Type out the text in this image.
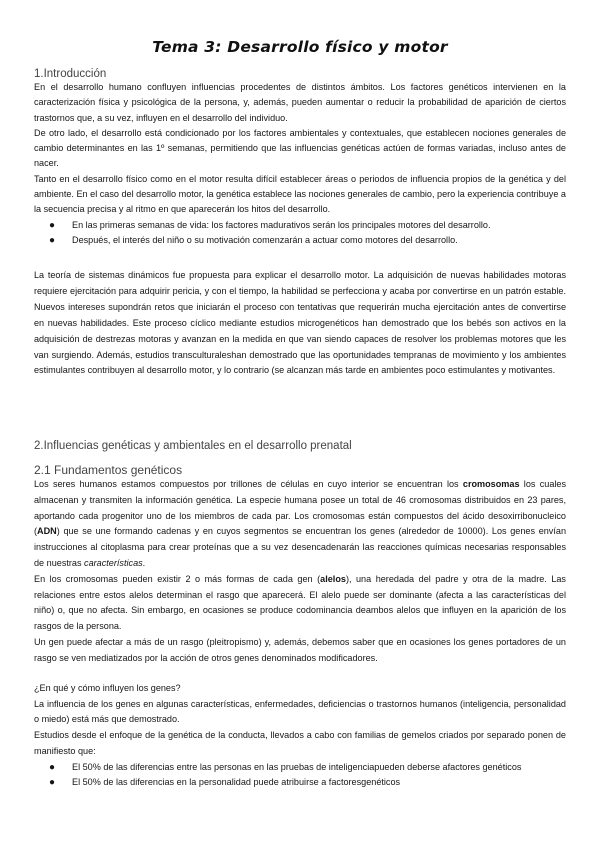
Tema 3: Desarrollo físico y motor
1.Introducción

En el desarrollo humano confluyen influencias procedentes de distintos ámbitos. Los factores genéticos intervienen en la caracterización física y psicológica de la persona, y, además, pueden aumentar o reducir la probabilidad de aparición de ciertos trastornos que, a su vez, influyen en el desarrollo del individuo.

De otro lado, el desarrollo está condicionado por los factores ambientales y contextuales, que establecen nociones generales de cambio determinantes en las 1º semanas, permitiendo que las influencias genéticas actúen de formas variadas, incluso antes de nacer.

Tanto en el desarrollo físico como en el motor resulta difícil establecer áreas o periodos de influencia propios de la genética y del ambiente. En el caso del desarrollo motor, la genética establece las nociones generales de cambio, pero la experiencia contribuye a la secuencia precisa y al ritmo en que aparecerán los hitos del desarrollo.

● En las primeras semanas de vida: los factores madurativos serán los principales motores del desarrollo.
● Después, el interés del niño o su motivación comenzarán a actuar como motores del desarrollo.

La teoría de sistemas dinámicos fue propuesta para explicar el desarrollo motor. La adquisición de nuevas habilidades motoras requiere ejercitación para adquirir pericia, y con el tiempo, la habilidad se perfecciona y acaba por convertirse en un patrón estable. Nuevos intereses supondrán retos que iniciarán el proceso con tentativas que requerirán mucha ejercitación antes de convertirse en nuevas habilidades. Este proceso cíclico mediante estudios microgenéticos han demostrado que los bebés son activos en la adquisición de destrezas motoras y avanzan en la medida en que van siendo capaces de resolver los problemas motores que les van surgiendo. Además, estudios transculturaleshan demostrado que las oportunidades tempranas de movimiento y los ambientes estimulantes contribuyen al desarrollo motor, y lo contrario (se alcanzan más tarde en ambientes poco estimulantes y motivantes.

2.Influencias genéticas y ambientales en el desarrollo prenatal
2.1 Fundamentos genéticos

Los seres humanos estamos compuestos por trillones de células en cuyo interior se encuentran los cromosomas los cuales almacenan y transmiten la información genética. La especie humana posee un total de 46 cromosomas distribuidos en 23 pares, aportando cada progenitor uno de los miembros de cada par. Los cromosomas están compuestos del ácido desoxirribonucleico (ADN) que se une formando cadenas y en cuyos segmentos se encuentran los genes (alrededor de 10000). Los genes envían instrucciones al citoplasma para crear proteínas que a su vez desencadenarán las reacciones químicas necesarias responsables de nuestras características.

En los cromosomas pueden existir 2 o más formas de cada gen (alelos), una heredada del padre y otra de la madre. Las relaciones entre estos alelos determinan el rasgo que aparecerá. El alelo puede ser dominante (afecta a las características del niño) o, que no afecta. Sin embargo, en ocasiones se produce codominancia deambos alelos que influyen en la aparición de los rasgos de la persona.

Un gen puede afectar a más de un rasgo (pleitropismo) y, además, debemos saber que en ocasiones los genes portadores de un rasgo se ven mediatizados por la acción de otros genes denominados modificadores.

¿En qué y cómo influyen los genes?

La influencia de los genes en algunas características, enfermedades, deficiencias o trastornos humanos (inteligencia, personalidad o miedo) está más que demostrado.

Estudios desde el enfoque de la genética de la conducta, llevados a cabo con familias de gemelos criados por separado ponen de manifiesto que:

● El 50% de las diferencias entre las personas en las pruebas de inteligenciapueden deberse afactores genéticos
● El 50% de las diferencias en la personalidad puede atribuirse a factoresgenéticos
